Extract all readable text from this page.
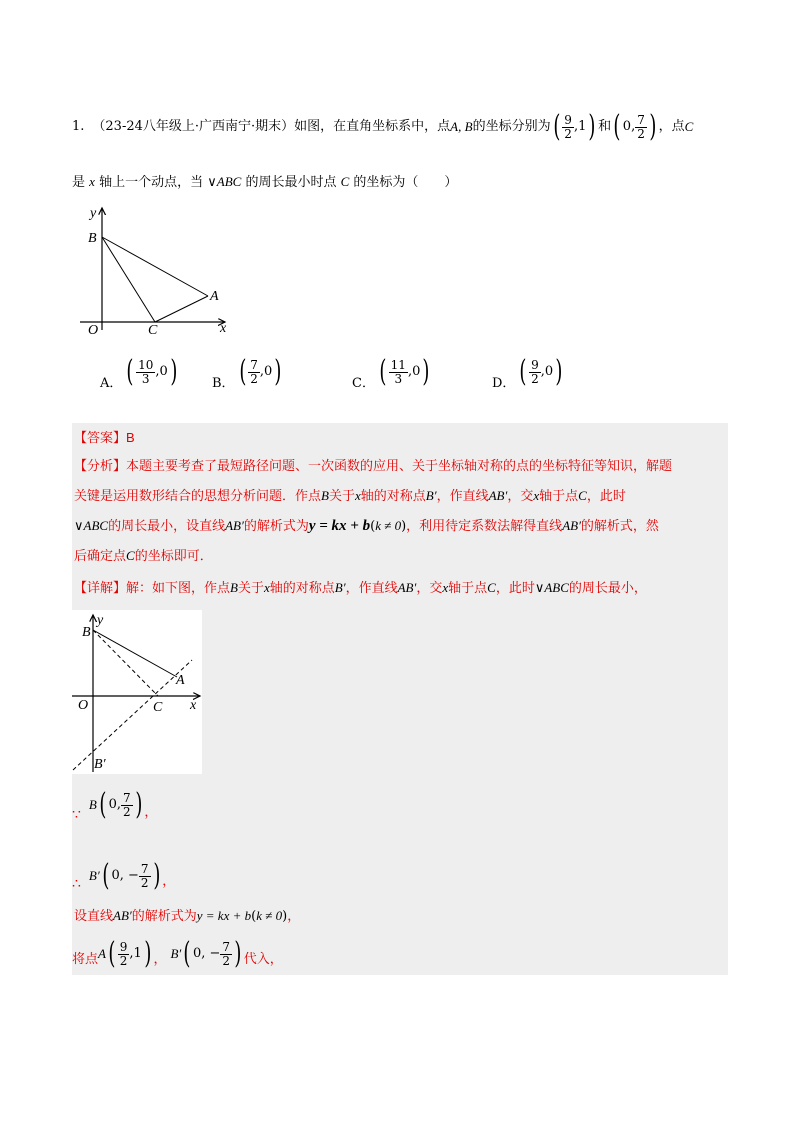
1. （23-24八年级上·广西南宁·期末） 如图，在直角坐标系中，点 A, B 的坐标分别为 ( $\frac{9}{2} ,1$ ) 和 ( 0, $\frac{7}{2}$ ) ，点 C
是 x 轴上一个动点，当 ∨ABC 的周长最小时点 C 的坐标为（　　）
y
B
A
O	C	x
A． ( $\frac{10}{3} ,0$ )	B． ( $\frac{7}{2} ,0$ )	C． ( $\frac{11}{3} ,0$ )	D． ( $\frac{9}{2} ,0$ )
【答案】B
【分析】本题主要考查了最短路径问题、一次函数的应用、关于坐标轴对称的点的坐标特征等知识，解题
关键是运用数形结合的思想分析问题．作点B关于x轴的对称点B′，作直线AB′，交x轴于点C，此时
∨ABC的周长最小，设直线AB′的解析式为y = kx + b(k ≠ 0)，利用待定系数法解得直线AB′的解析式，然
后确定点C的坐标即可．
【详解】解：如下图，作点B关于x轴的对称点B′，作直线AB′，交x轴于点C，此时∨ABC的周长最小，
y
B
A
O	C x
B′
∵
B ( 0, $\frac{7}{2}$ ) ，
∴
B′ ( 0, − $\frac{7}{2}$ ) ，
设直线AB′的解析式为y = kx + b(k ≠ 0)，
将点 A ( $\frac{9}{2} ,1$ ) ， B′ ( 0, − $\frac{7}{2}$ ) 代入，
